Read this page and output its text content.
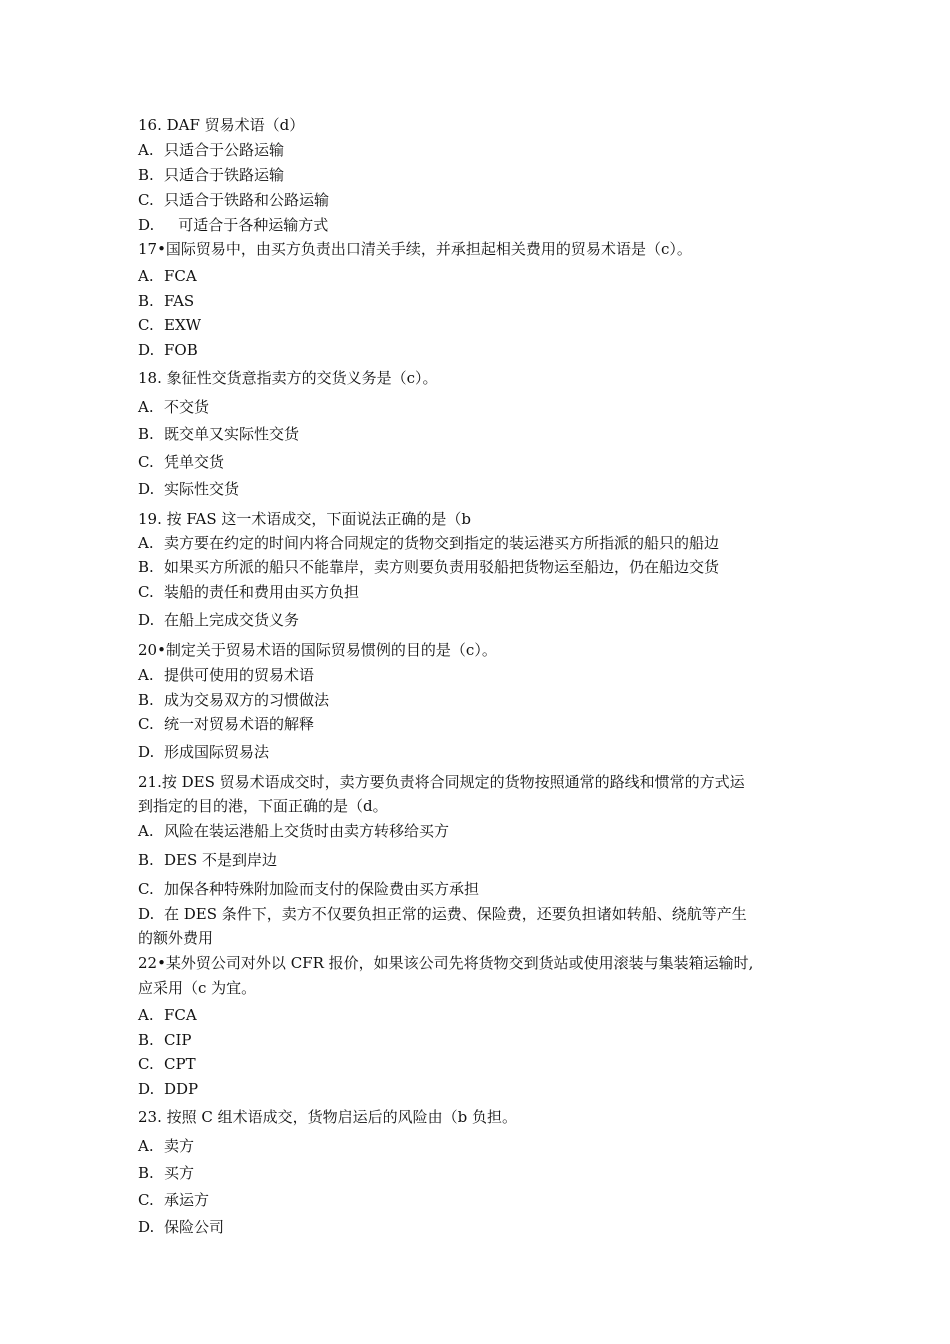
16. DAF 贸易术语（d）
A. 只适合于公路运输
B. 只适合于铁路运输
C. 只适合于铁路和公路运输
D.   可适合于各种运输方式
17•国际贸易中，由买方负责出口清关手续，并承担起相关费用的贸易术语是（c）。
A. FCA
B. FAS
C. EXW
D. FOB
18. 象征性交货意指卖方的交货义务是（c）。
A. 不交货
B. 既交单又实际性交货
C. 凭单交货
D. 实际性交货
19. 按 FAS 这一术语成交，下面说法正确的是（b
A. 卖方要在约定的时间内将合同规定的货物交到指定的装运港买方所指派的船只的船边
B. 如果买方所派的船只不能靠岸，卖方则要负责用驳船把货物运至船边，仍在船边交货
C. 装船的责任和费用由买方负担
D. 在船上完成交货义务
20•制定关于贸易术语的国际贸易惯例的目的是（c）。
A. 提供可使用的贸易术语
B. 成为交易双方的习惯做法
C. 统一对贸易术语的解释
D. 形成国际贸易法
21.按 DES 贸易术语成交时，卖方要负责将合同规定的货物按照通常的路线和惯常的方式运
到指定的目的港，下面正确的是（d。
A. 风险在装运港船上交货时由卖方转移给买方
B. DES 不是到岸边
C. 加保各种特殊附加险而支付的保险费由买方承担
D. 在 DES 条件下，卖方不仅要负担正常的运费、保险费，还要负担诸如转船、绕航等产生
的额外费用
22•某外贸公司对外以 CFR 报价，如果该公司先将货物交到货站或使用滚装与集装箱运输时,
应采用（c 为宜。
A. FCA
B. CIP
C. CPT
D. DDP
23. 按照 C 组术语成交，货物启运后的风险由（b 负担。
A. 卖方
B. 买方
C. 承运方
D. 保险公司
